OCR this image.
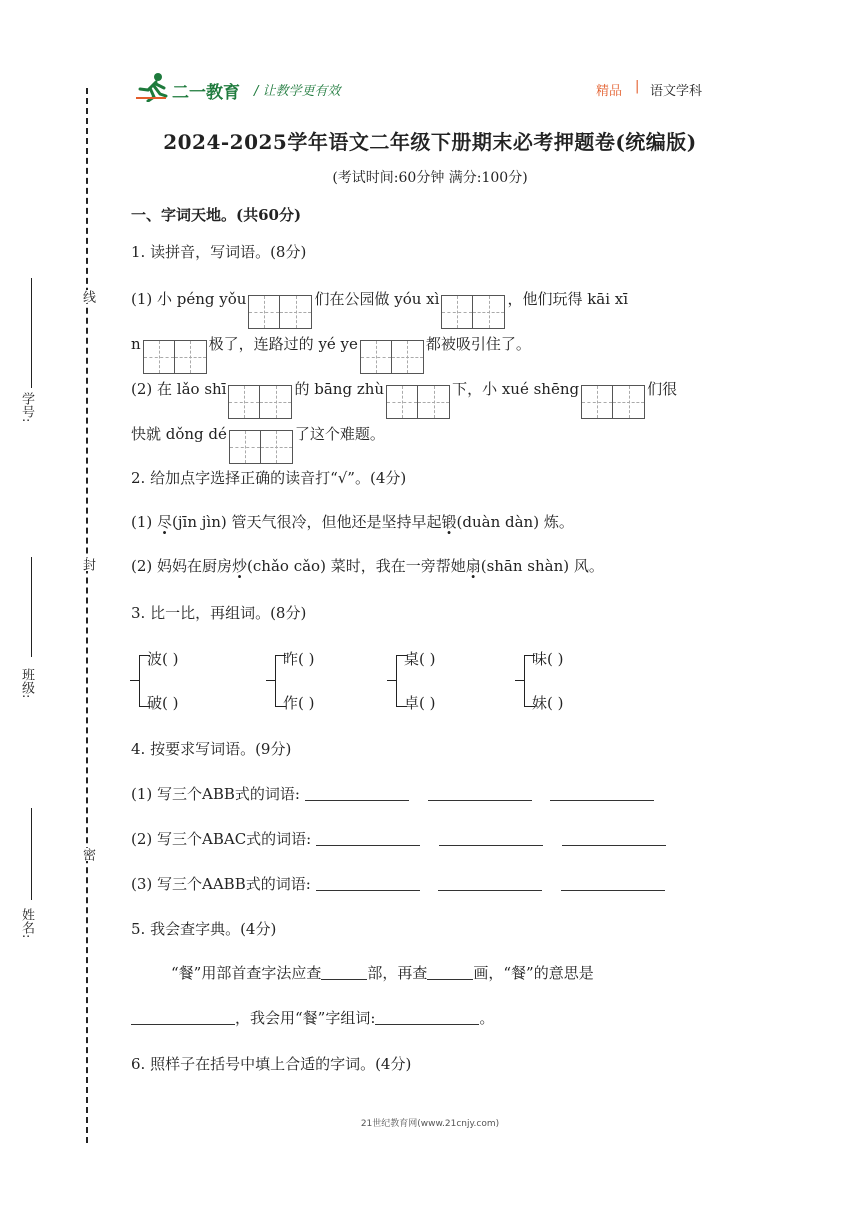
线
封
密
学号:
班级:
姓名:
二一教育 / 让教学更有效	精品 | 语文学科
2024-2025学年语文二年级下册期末必考押题卷(统编版)
(考试时间:60分钟 满分:100分)
一、字词天地。(共60分)
1. 读拼音，写词语。(8分)
(1) 小 péng yǒu	们在公园做 yóu xì	，他们玩得 kāi xī
n	极了，连路过的 yé ye	都被吸引住了。
(2) 在 lǎo shī	的 bāng zhù	下，小 xué shēng	们很
快就 dǒng dé	了这个难题。
2. 给加点字选择正确的读音打“√”。(4分)
(1) 尽(jīn jìn) 管天气很冷，但他还是坚持早起锻(duàn dàn) 炼。
(2) 妈妈在厨房炒(chǎo cǎo) 菜时，我在一旁帮她扇(shān shàn) 风。
3. 比一比，再组词。(8分)
波( )
破( )
昨( )
作( )
桌( )
卓( )
味( )
妹( )
4. 按要求写词语。(9分)
(1) 写三个ABB式的词语:
(2) 写三个ABAC式的词语:
(3) 写三个AABB式的词语:
5. 我会查字典。(4分)
“餐”用部首查字法应查	部，再查	画，“餐”的意思是
，我会用“餐”字组词:	。
6. 照样子在括号中填上合适的字词。(4分)
21世纪教育网(www.21cnjy.com)
